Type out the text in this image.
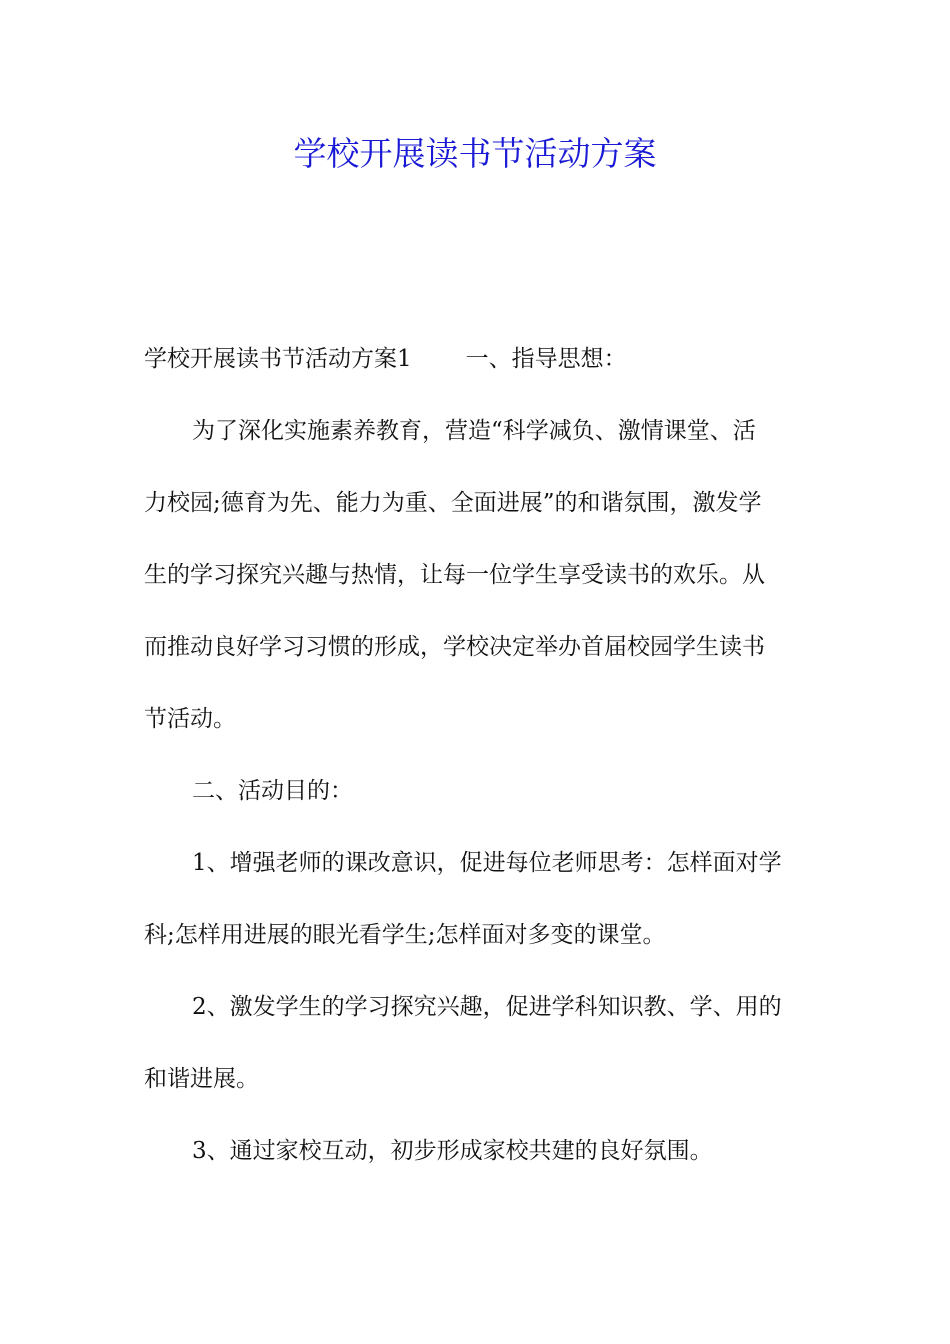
学校开展读书节活动方案
学校开展读书节活动方案1 一、指导思想：
为了深化实施素养教育，营造“科学减负、激情课堂、活
力校园;德育为先、能力为重、全面进展”的和谐氛围，激发学
生的学习探究兴趣与热情，让每一位学生享受读书的欢乐。从
而推动良好学习习惯的形成，学校决定举办首届校园学生读书
节活动。
二、活动目的：
1、增强老师的课改意识，促进每位老师思考：怎样面对学
科;怎样用进展的眼光看学生;怎样面对多变的课堂。
2、激发学生的学习探究兴趣，促进学科知识教、学、用的
和谐进展。
3、通过家校互动，初步形成家校共建的良好氛围。
